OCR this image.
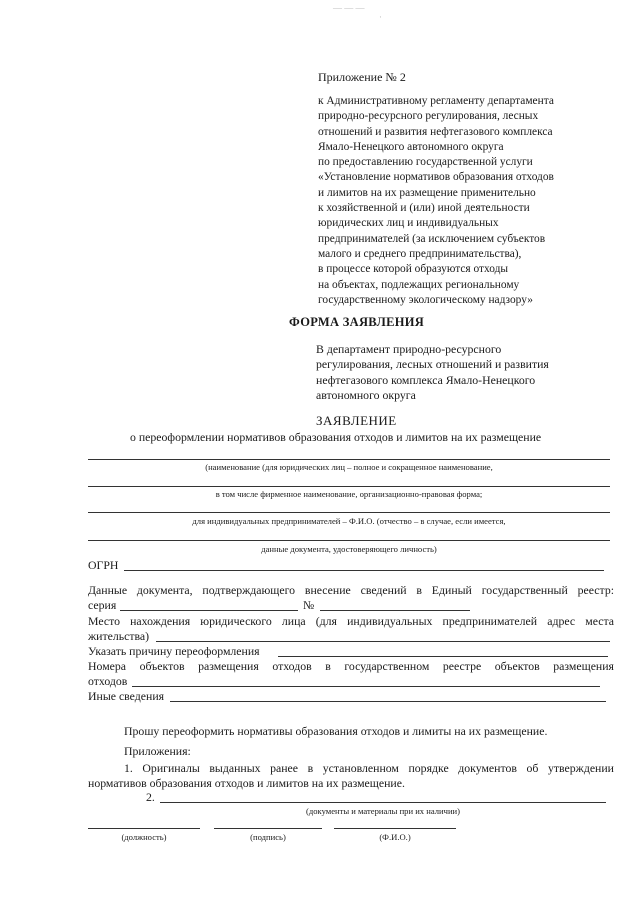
— — —
·
Приложение № 2
к Административному регламенту департамента
природно-ресурсного регулирования, лесных
отношений и развития нефтегазового комплекса
Ямало-Ненецкого автономного округа
по предоставлению государственной услуги
«Установление нормативов образования отходов
и лимитов на их размещение применительно
к хозяйственной и (или) иной деятельности
юридических лиц и индивидуальных
предпринимателей (за исключением субъектов
малого и среднего предпринимательства),
в процессе которой образуются отходы
на объектах, подлежащих региональному
государственному экологическому надзору»
ФОРМА ЗАЯВЛЕНИЯ
В департамент природно-ресурсного
регулирования, лесных отношений и развития
нефтегазового комплекса Ямало-Ненецкого
автономного округа
ЗАЯВЛЕНИЕ
о переоформлении нормативов образования отходов и лимитов на их размещение
(наименование (для юридических лиц – полное и сокращенное наименование,
в том числе фирменное наименование, организационно-правовая форма;
для индивидуальных предпринимателей – Ф.И.О. (отчество – в случае, если имеется,
данные документа, удостоверяющего личность)
ОГРН
Данные документа, подтверждающего внесение сведений в Единый государственный реестр:
серия	№
Место нахождения юридического лица (для индивидуальных предпринимателей адрес места
жительства)
Указать причину переоформления
Номера объектов размещения отходов в государственном реестре объектов размещения
отходов
Иные сведения
Прошу переоформить нормативы образования отходов и лимиты на их размещение.
Приложения:
1. Оригиналы выданных ранее в установленном порядке документов об утверждении
нормативов образования отходов и лимитов на их размещение.
2.
(документы и материалы при их наличии)
(должность)	(подпись)	(Ф.И.О.)
